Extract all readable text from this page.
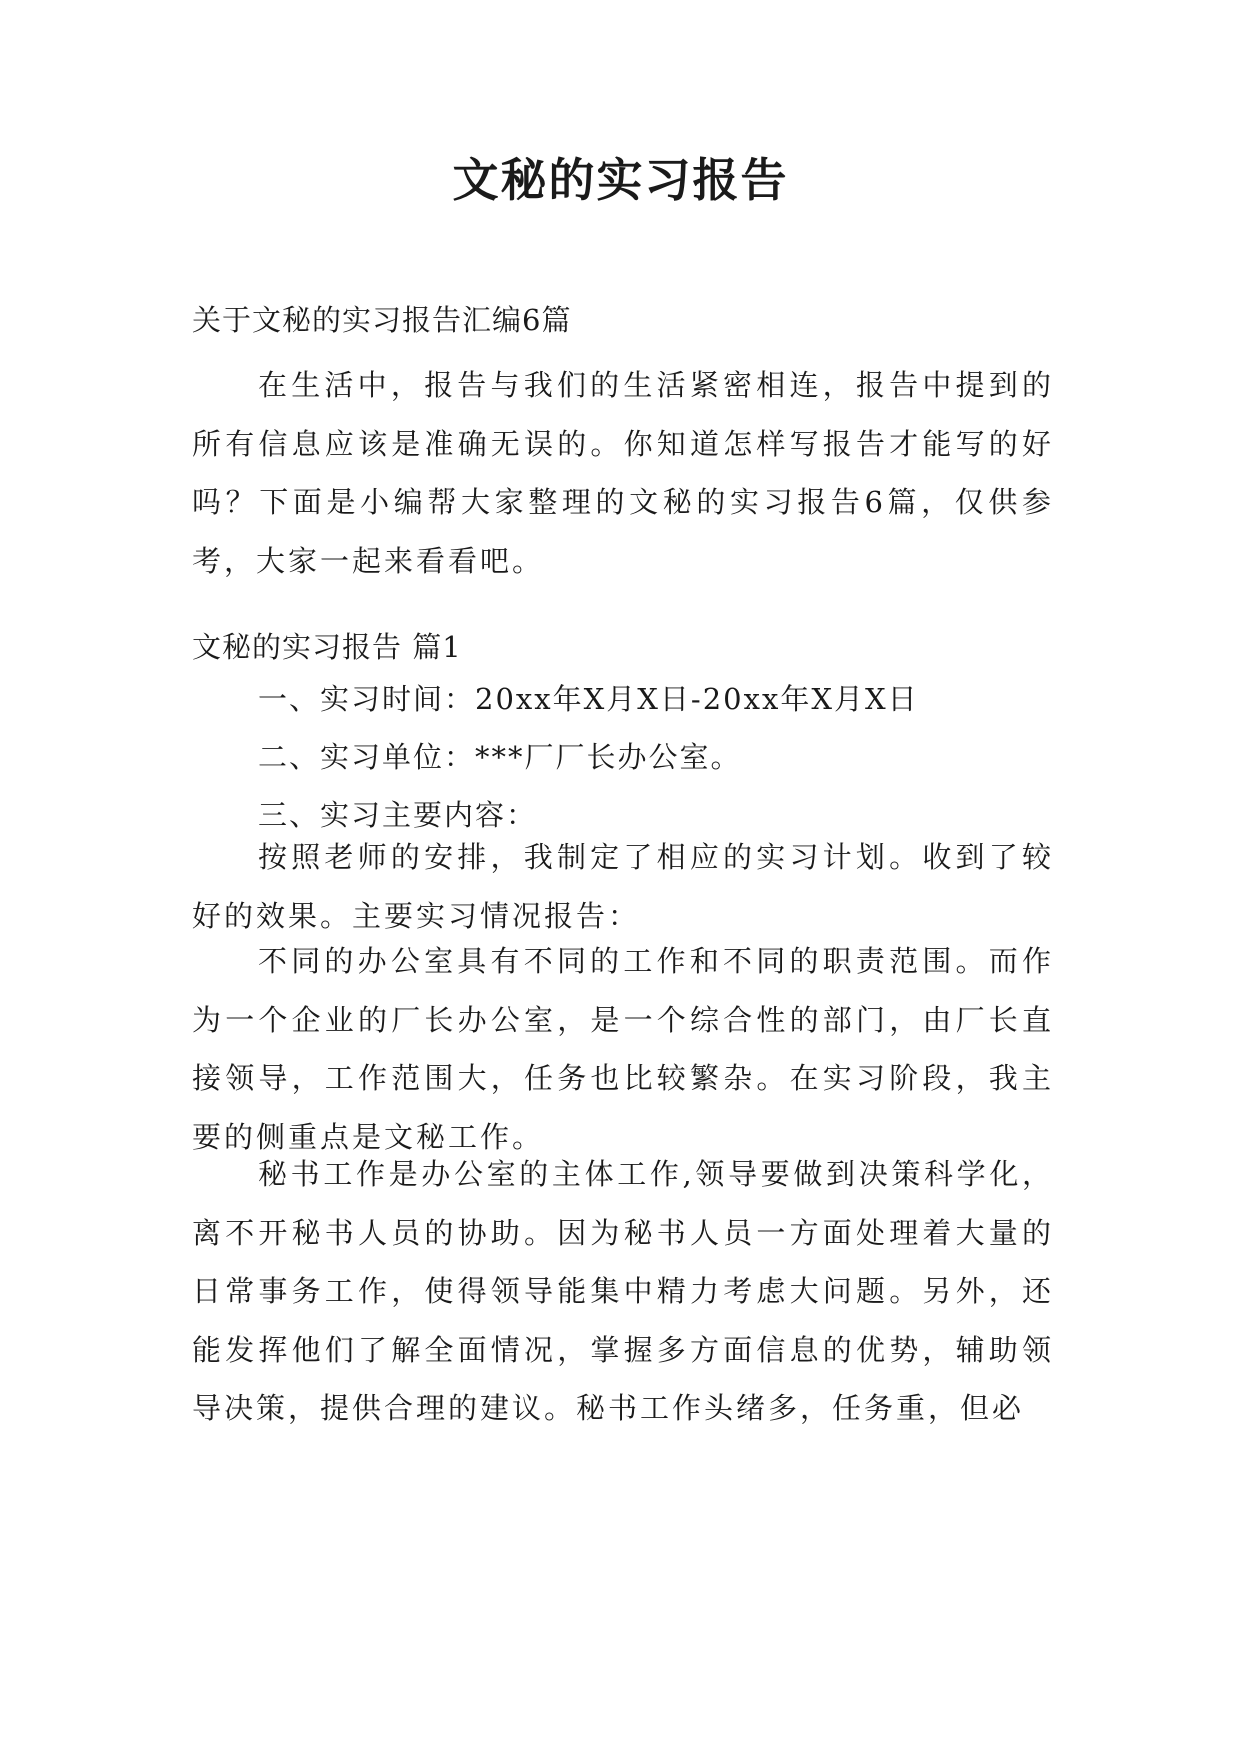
文秘的实习报告
关于文秘的实习报告汇编6篇

在生活中，报告与我们的生活紧密相连，报告中提到的所有信息应该是准确无误的。你知道怎样写报告才能写的好吗？下面是小编帮大家整理的文秘的实习报告6篇，仅供参考，大家一起来看看吧。

文秘的实习报告 篇1
一、实习时间：20xx年X月X日-20xx年X月X日
二、实习单位：***厂厂长办公室。
三、实习主要内容：

按照老师的安排，我制定了相应的实习计划。收到了较好的效果。主要实习情况报告：

不同的办公室具有不同的工作和不同的职责范围。而作为一个企业的厂长办公室，是一个综合性的部门，由厂长直接领导，工作范围大，任务也比较繁杂。在实习阶段，我主要的侧重点是文秘工作。

秘书工作是办公室的主体工作,领导要做到决策科学化，离不开秘书人员的协助。因为秘书人员一方面处理着大量的日常事务工作，使得领导能集中精力考虑大问题。另外，还能发挥他们了解全面情况，掌握多方面信息的优势，辅助领导决策，提供合理的建议。秘书工作头绪多，任务重，但必
